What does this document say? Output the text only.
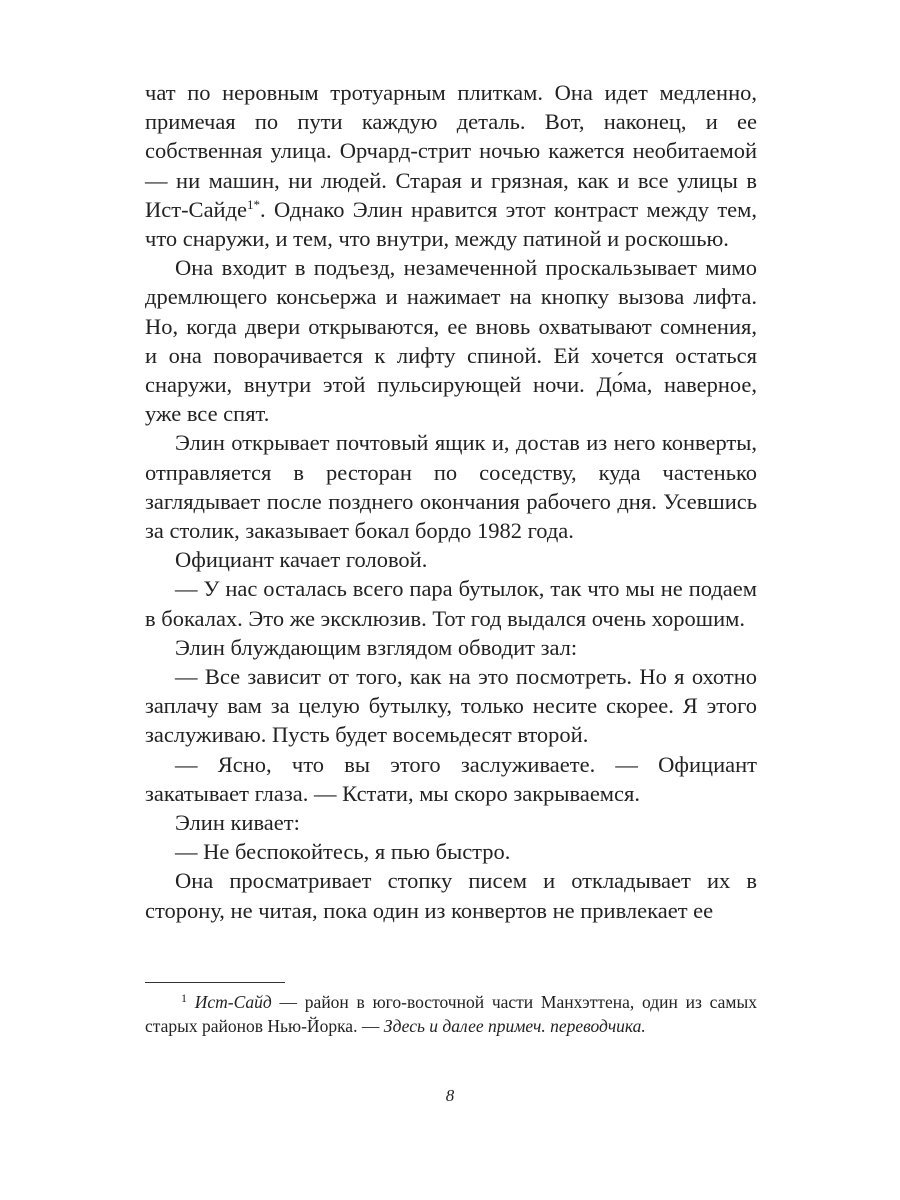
чат по неровным тротуарным плиткам. Она идет медленно, примечая по пути каждую деталь. Вот, наконец, и ее собственная улица. Орчард-стрит ночью кажется необитаемой — ни машин, ни людей. Старая и грязная, как и все улицы в Ист-Сайде$^{1*}$. Однако Элин нравится этот контраст между тем, что снаружи, и тем, что внутри, между патиной и роскошью.

Она входит в подъезд, незамеченной проскальзывает мимо дремлющего консьержа и нажимает на кнопку вызова лифта. Но, когда двери открываются, ее вновь охватывают сомнения, и она поворачивается к лифту спиной. Ей хочется остаться снаружи, внутри этой пульсирующей ночи. До́ма, наверное, уже все спят.

Элин открывает почтовый ящик и, достав из него конверты, отправляется в ресторан по соседству, куда частенько заглядывает после позднего окончания рабочего дня. Усевшись за столик, заказывает бокал бордо 1982 года.

Официант качает головой.

— У нас осталась всего пара бутылок, так что мы не подаем в бокалах. Это же эксклюзив. Тот год выдался очень хорошим.

Элин блуждающим взглядом обводит зал:

— Все зависит от того, как на это посмотреть. Но я охотно заплачу вам за целую бутылку, только несите скорее. Я этого заслуживаю. Пусть будет восемьдесят второй.

— Ясно, что вы этого заслуживаете. — Официант закатывает глаза. — Кстати, мы скоро закрываемся.

Элин кивает:

— Не беспокойтесь, я пью быстро.

Она просматривает стопку писем и откладывает их в сторону, не читая, пока один из конвертов не привлекает ее

$^1$ Ист-Сайд — район в юго-восточной части Манхэттена, один из самых старых районов Нью-Йорка. — Здесь и далее примеч. переводчика.

8
